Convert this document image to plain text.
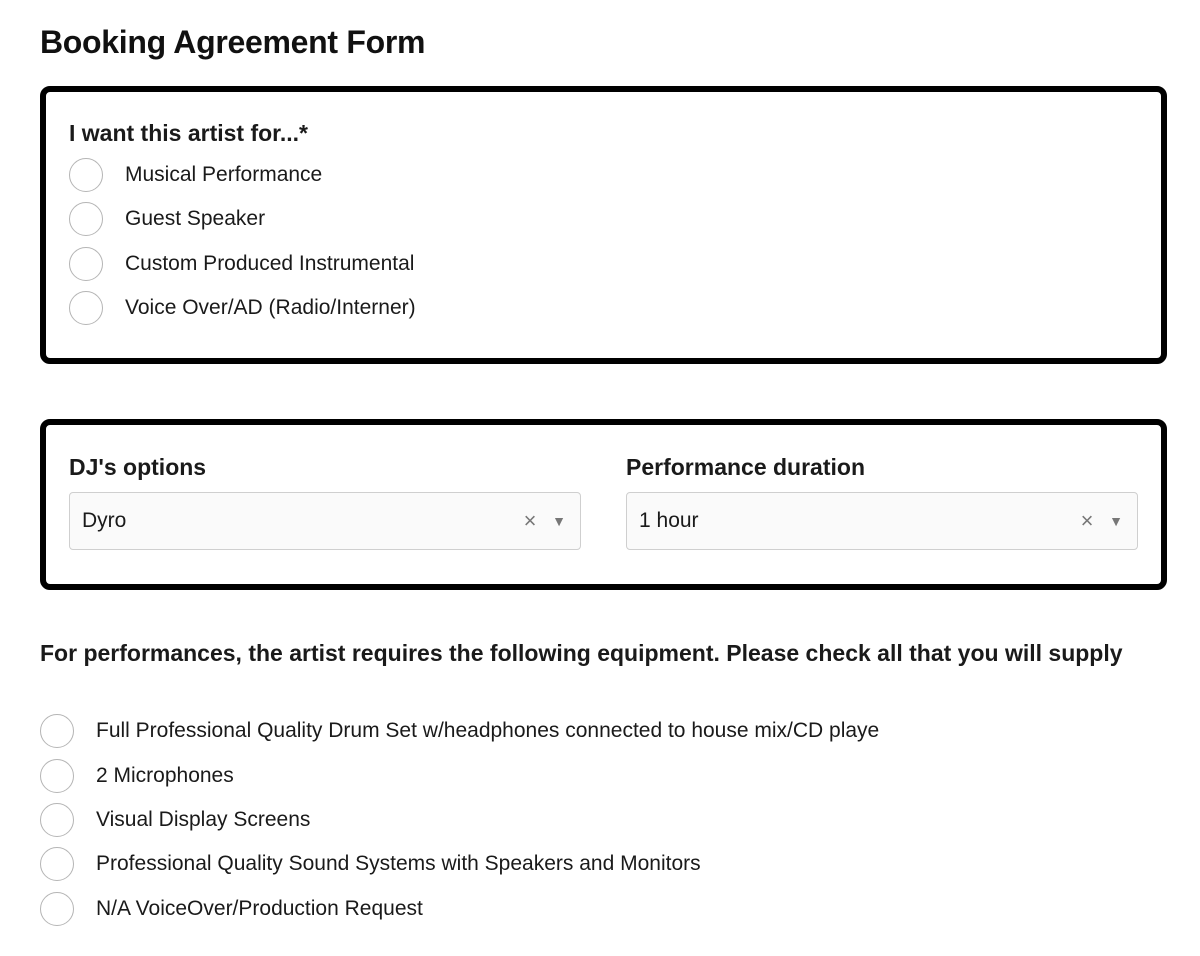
Booking Agreement Form
I want this artist for...*
Musical Performance
Guest Speaker
Custom Produced Instrumental
Voice Over/AD (Radio/Interner)
DJ's options
Dyro	×	▼
Performance duration
1 hour	×	▼
For performances, the artist requires the following equipment. Please check all that you will supply
Full Professional Quality Drum Set w/headphones connected to house mix/CD playe
2 Microphones
Visual Display Screens
Professional Quality Sound Systems with Speakers and Monitors
N/A VoiceOver/Production Request
